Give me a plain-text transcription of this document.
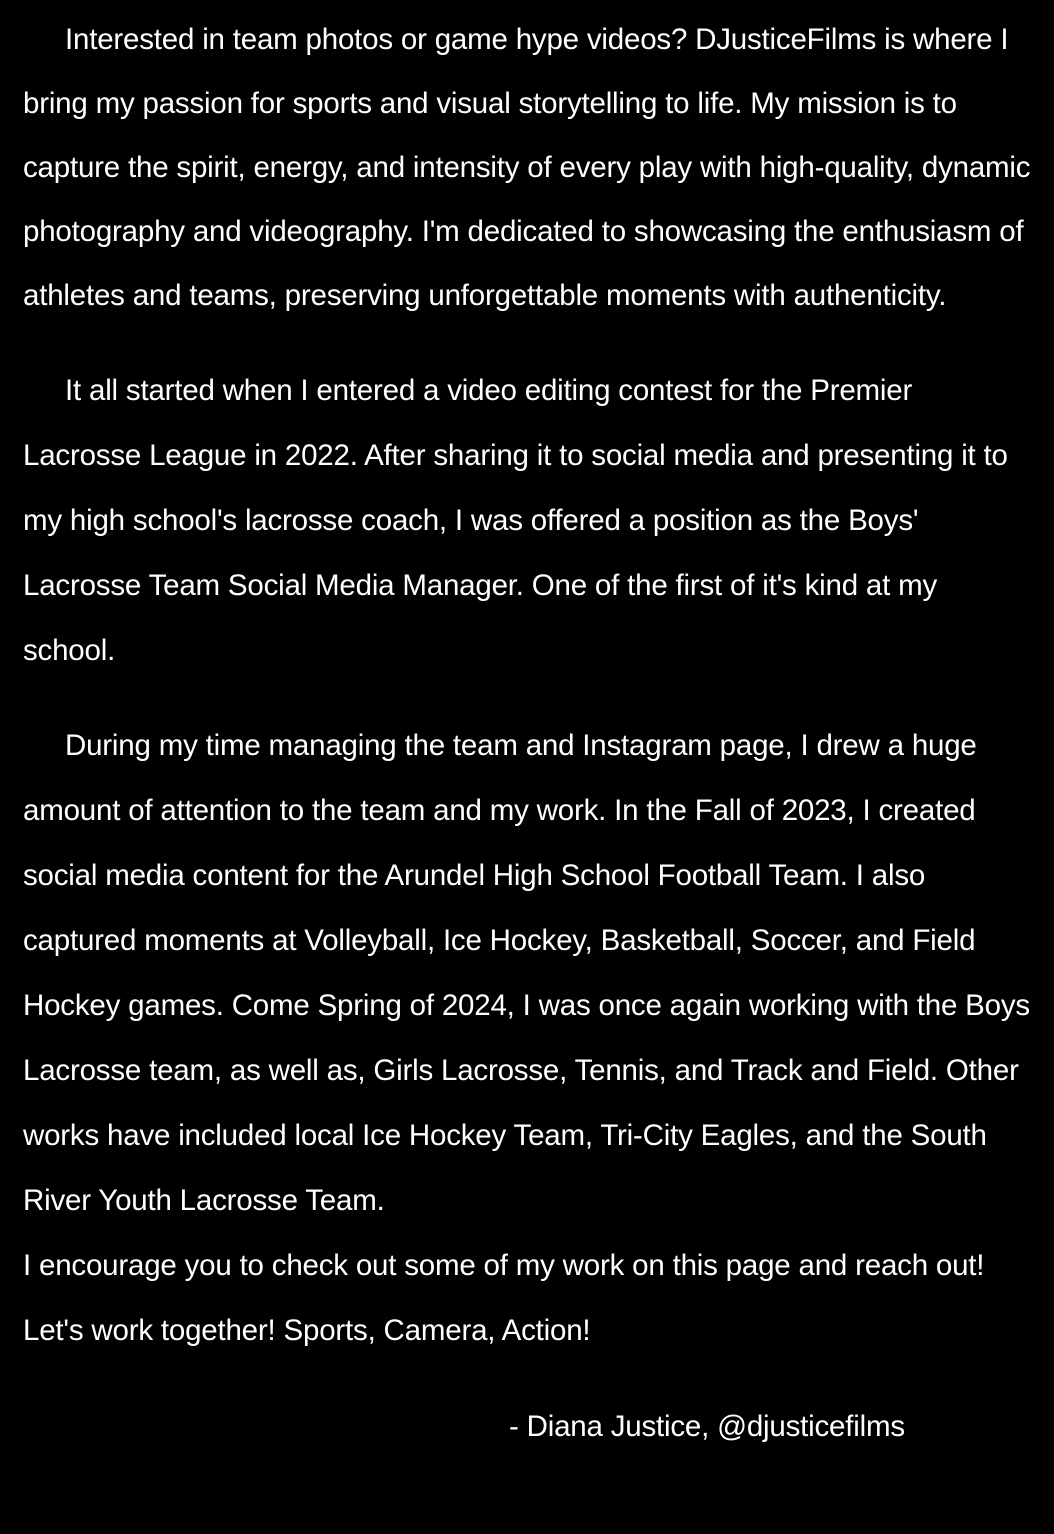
Interested in team photos or game hype videos? DJusticeFilms is where I bring my passion for sports and visual storytelling to life. My mission is to capture the spirit, energy, and intensity of every play with high-quality, dynamic photography and videography. I'm dedicated to showcasing the enthusiasm of athletes and teams, preserving unforgettable moments with authenticity.

It all started when I entered a video editing contest for the Premier Lacrosse League in 2022. After sharing it to social media and presenting it to my high school's lacrosse coach, I was offered a position as the Boys' Lacrosse Team Social Media Manager. One of the first of it's kind at my school.

During my time managing the team and Instagram page, I drew a huge amount of attention to the team and my work. In the Fall of 2023, I created social media content for the Arundel High School Football Team. I also captured moments at Volleyball, Ice Hockey, Basketball, Soccer, and Field Hockey games. Come Spring of 2024, I was once again working with the Boys Lacrosse team, as well as, Girls Lacrosse, Tennis, and Track and Field. Other works have included local Ice Hockey Team, Tri-City Eagles, and the South River Youth Lacrosse Team.

I encourage you to check out some of my work on this page and reach out! Let's work together! Sports, Camera, Action!

- Diana Justice, @djusticefilms
